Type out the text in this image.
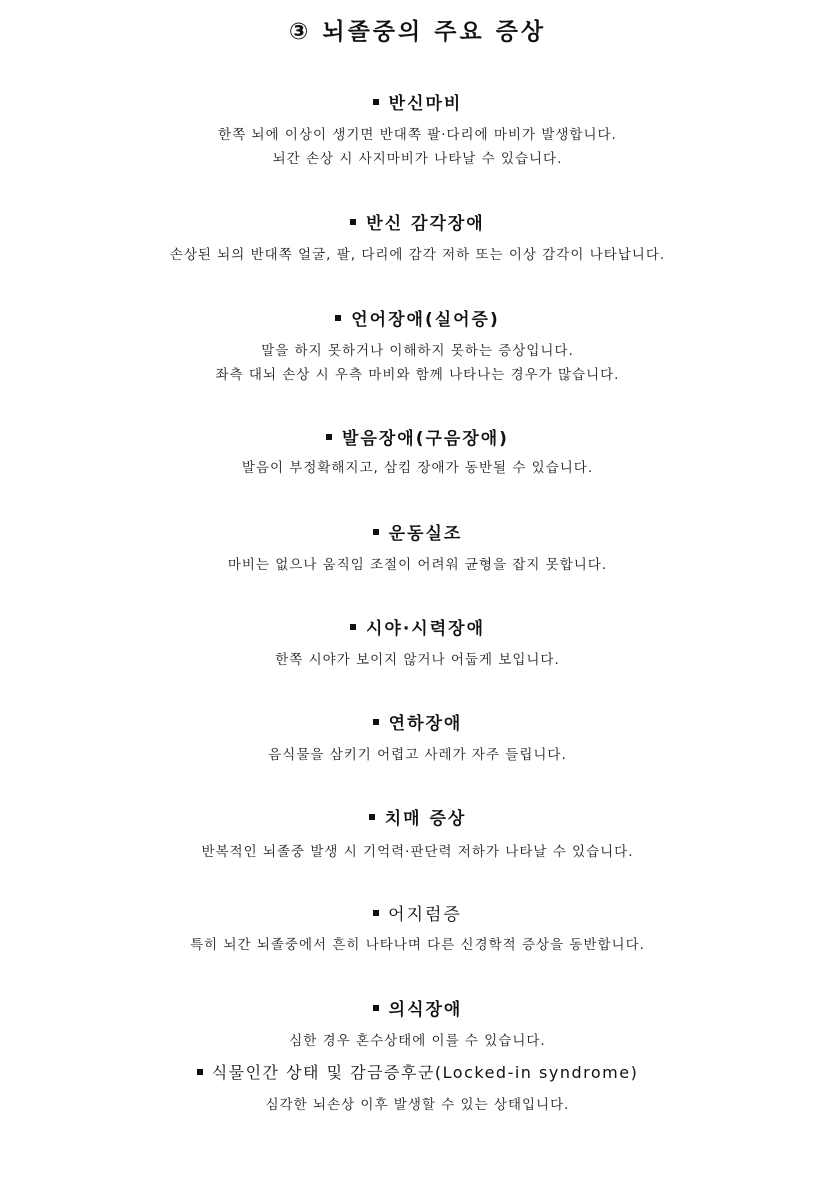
③ 뇌졸중의 주요 증상
반신마비
한쪽 뇌에 이상이 생기면 반대쪽 팔·다리에 마비가 발생합니다.
뇌간 손상 시 사지마비가 나타날 수 있습니다.
반신 감각장애
손상된 뇌의 반대쪽 얼굴, 팔, 다리에 감각 저하 또는 이상 감각이 나타납니다.
언어장애(실어증)
말을 하지 못하거나 이해하지 못하는 증상입니다.
좌측 대뇌 손상 시 우측 마비와 함께 나타나는 경우가 많습니다.
발음장애(구음장애)
발음이 부정확해지고, 삼킴 장애가 동반될 수 있습니다.
운동실조
마비는 없으나 움직임 조절이 어려워 균형을 잡지 못합니다.
시야·시력장애
한쪽 시야가 보이지 않거나 어둡게 보입니다.
연하장애
음식물을 삼키기 어렵고 사레가 자주 들립니다.
치매 증상
반복적인 뇌졸중 발생 시 기억력·판단력 저하가 나타날 수 있습니다.
어지럼증
특히 뇌간 뇌졸중에서 흔히 나타나며 다른 신경학적 증상을 동반합니다.
의식장애
심한 경우 혼수상태에 이를 수 있습니다.
식물인간 상태 및 감금증후군(Locked-in syndrome)
심각한 뇌손상 이후 발생할 수 있는 상태입니다.
